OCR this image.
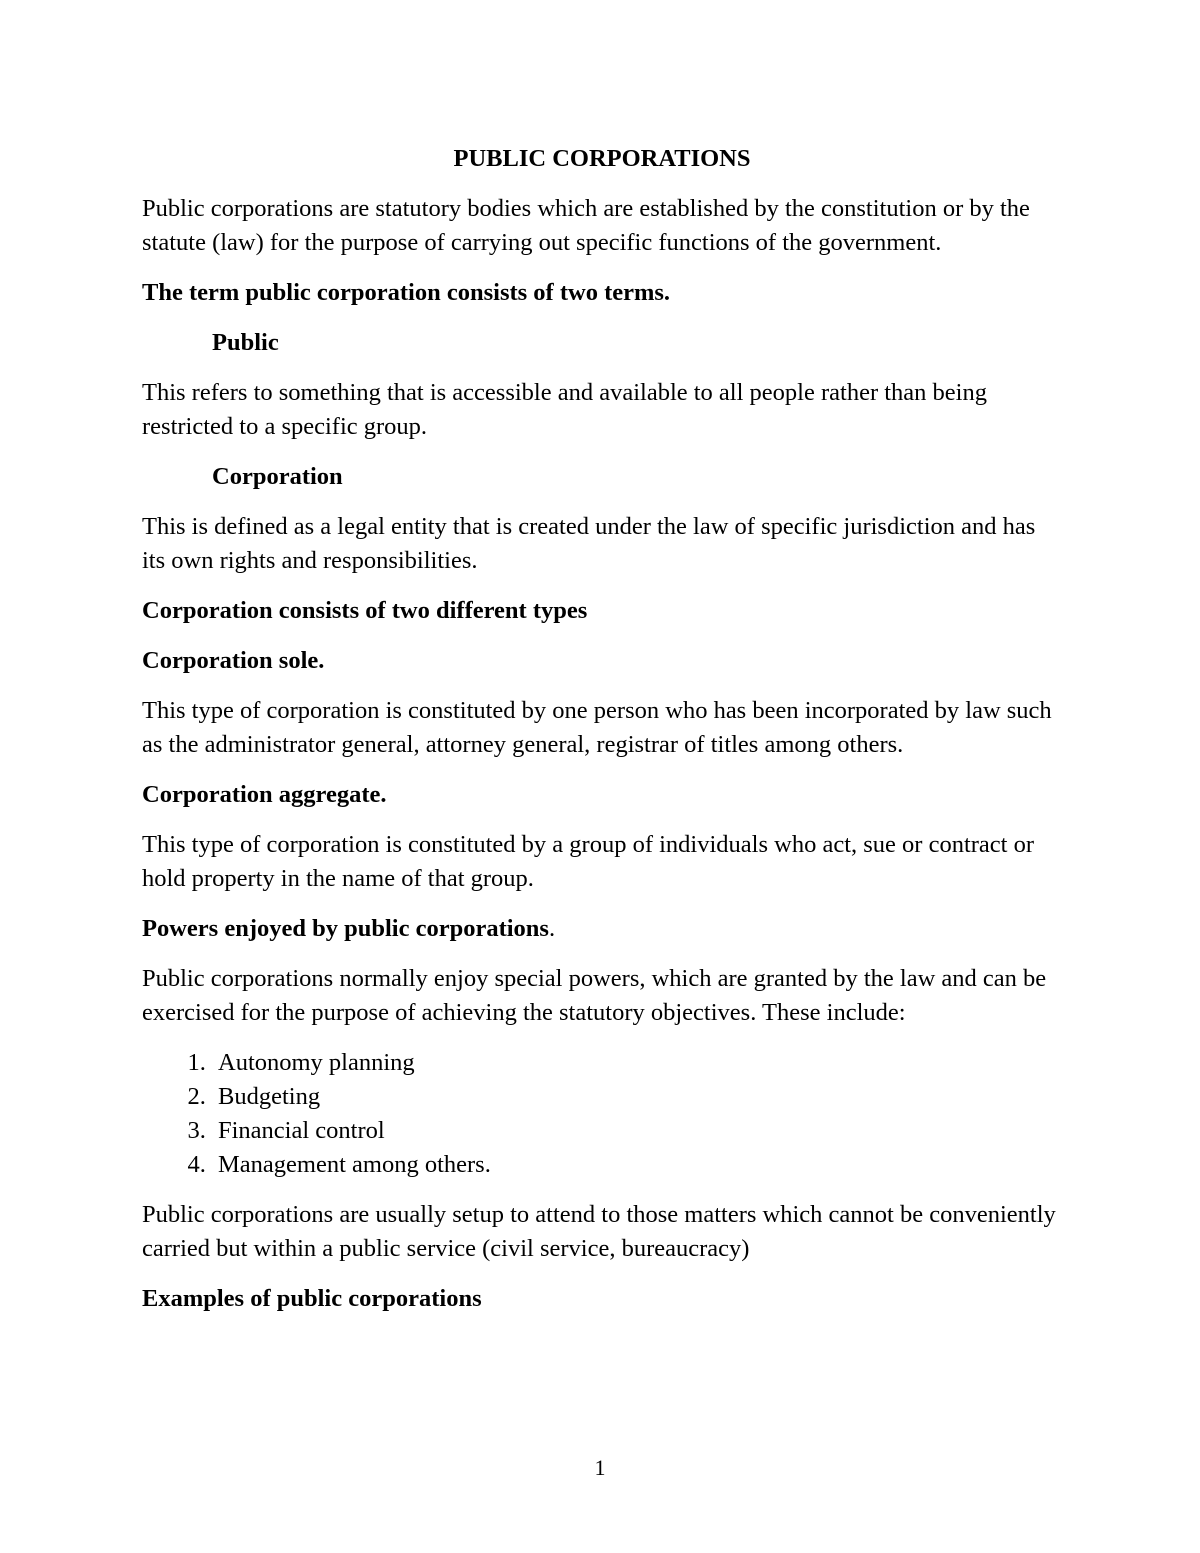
PUBLIC CORPORATIONS

Public corporations are statutory bodies which are established by the constitution or by the statute (law) for the purpose of carrying out specific functions of the government.

The term public corporation consists of two terms.

Public

This refers to something that is accessible and available to all people rather than being restricted to a specific group.

Corporation

This is defined as a legal entity that is created under the law of specific jurisdiction and has its own rights and responsibilities.

Corporation consists of two different types

Corporation sole.

This type of corporation is constituted by one person who has been incorporated by law such as the administrator general, attorney general, registrar of titles among others.

Corporation aggregate.

This type of corporation is constituted by a group of individuals who act, sue or contract or hold property in the name of that group.

Powers enjoyed by public corporations.

Public corporations normally enjoy special powers, which are granted by the law and can be exercised for the purpose of achieving the statutory objectives. These include:

1. Autonomy planning
2. Budgeting
3. Financial control
4. Management among others.

Public corporations are usually setup to attend to those matters which cannot be conveniently carried but within a public service (civil service, bureaucracy)

Examples of public corporations

1
